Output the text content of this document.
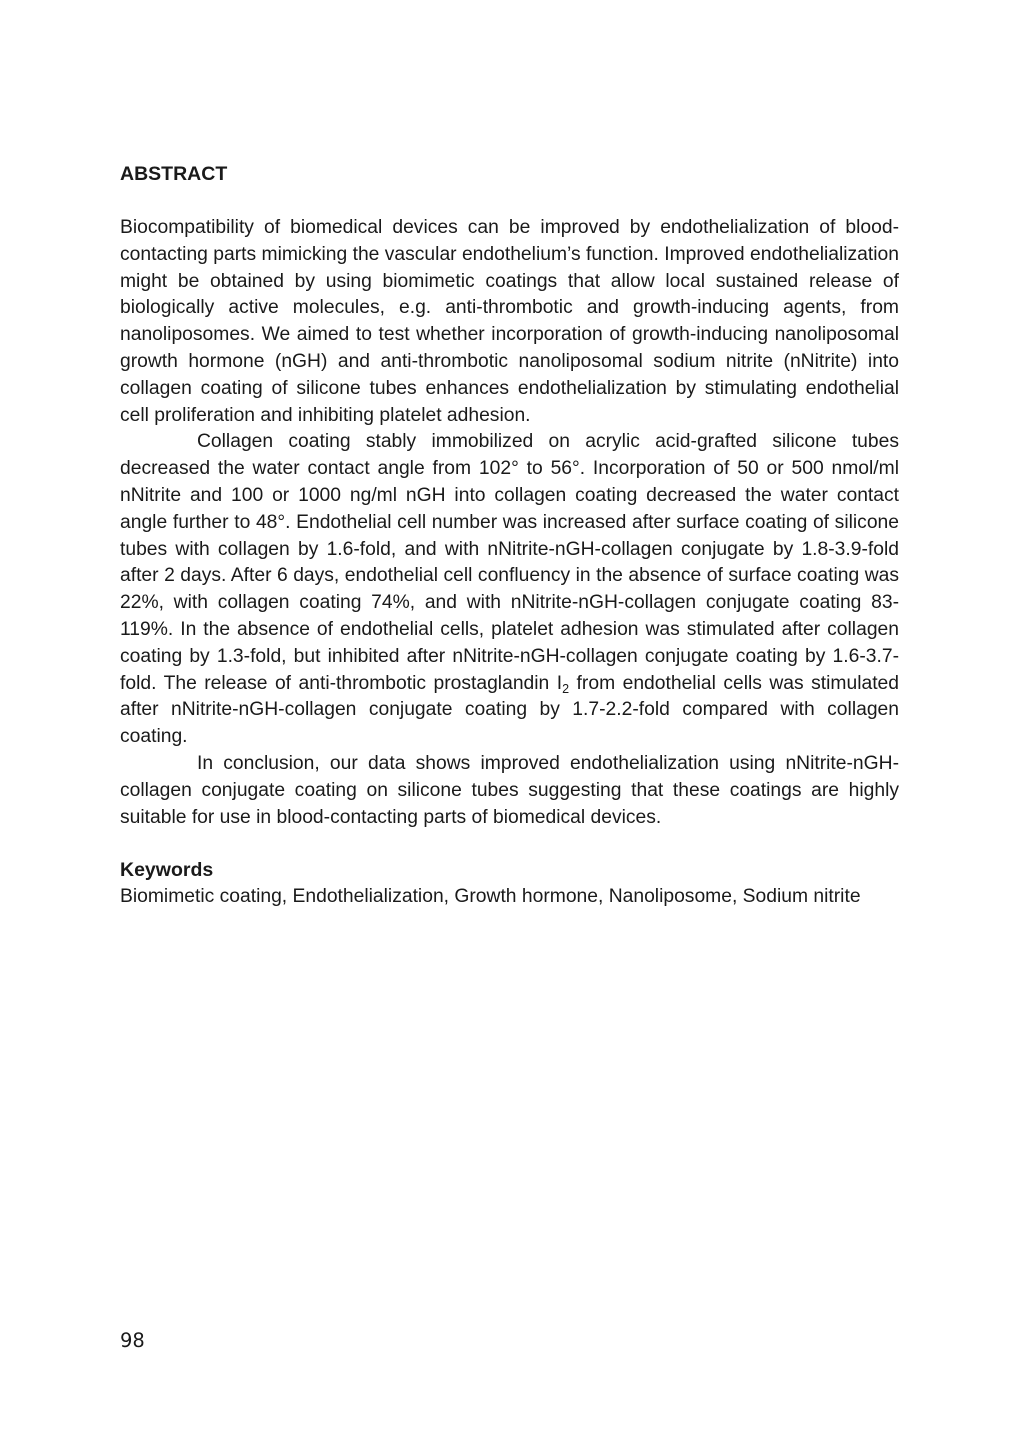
ABSTRACT

Biocompatibility of biomedical devices can be improved by endothelialization of blood-contacting parts mimicking the vascular endothelium’s function. Improved endothelialization might be obtained by using biomimetic coatings that allow local sustained release of biologically active molecules, e.g. anti-thrombotic and growth-inducing agents, from nanoliposomes. We aimed to test whether incorporation of growth-inducing nanoliposomal growth hormone (nGH) and anti-thrombotic nanoliposomal sodium nitrite (nNitrite) into collagen coating of silicone tubes enhances endothelialization by stimulating endothelial cell proliferation and inhibiting platelet adhesion.

Collagen coating stably immobilized on acrylic acid-grafted silicone tubes decreased the water contact angle from 102° to 56°. Incorporation of 50 or 500 nmol/ml nNitrite and 100 or 1000 ng/ml nGH into collagen coating decreased the water contact angle further to 48°. Endothelial cell number was increased after surface coating of silicone tubes with collagen by 1.6-fold, and with nNitrite-nGH-collagen conjugate by 1.8-3.9-fold after 2 days. After 6 days, endothelial cell confluency in the absence of surface coating was 22%, with collagen coating 74%, and with nNitrite-nGH-collagen conjugate coating 83-119%. In the absence of endothelial cells, platelet adhesion was stimulated after collagen coating by 1.3-fold, but inhibited after nNitrite-nGH-collagen conjugate coating by 1.6-3.7-fold. The release of anti-thrombotic prostaglandin $I_2$ from endothelial cells was stimulated after nNitrite-nGH-collagen conjugate coating by 1.7-2.2-fold compared with collagen coating.

In conclusion, our data shows improved endothelialization using nNitrite-nGH-collagen conjugate coating on silicone tubes suggesting that these coatings are highly suitable for use in blood-contacting parts of biomedical devices.

Keywords

Biomimetic coating, Endothelialization, Growth hormone, Nanoliposome, Sodium nitrite

98
